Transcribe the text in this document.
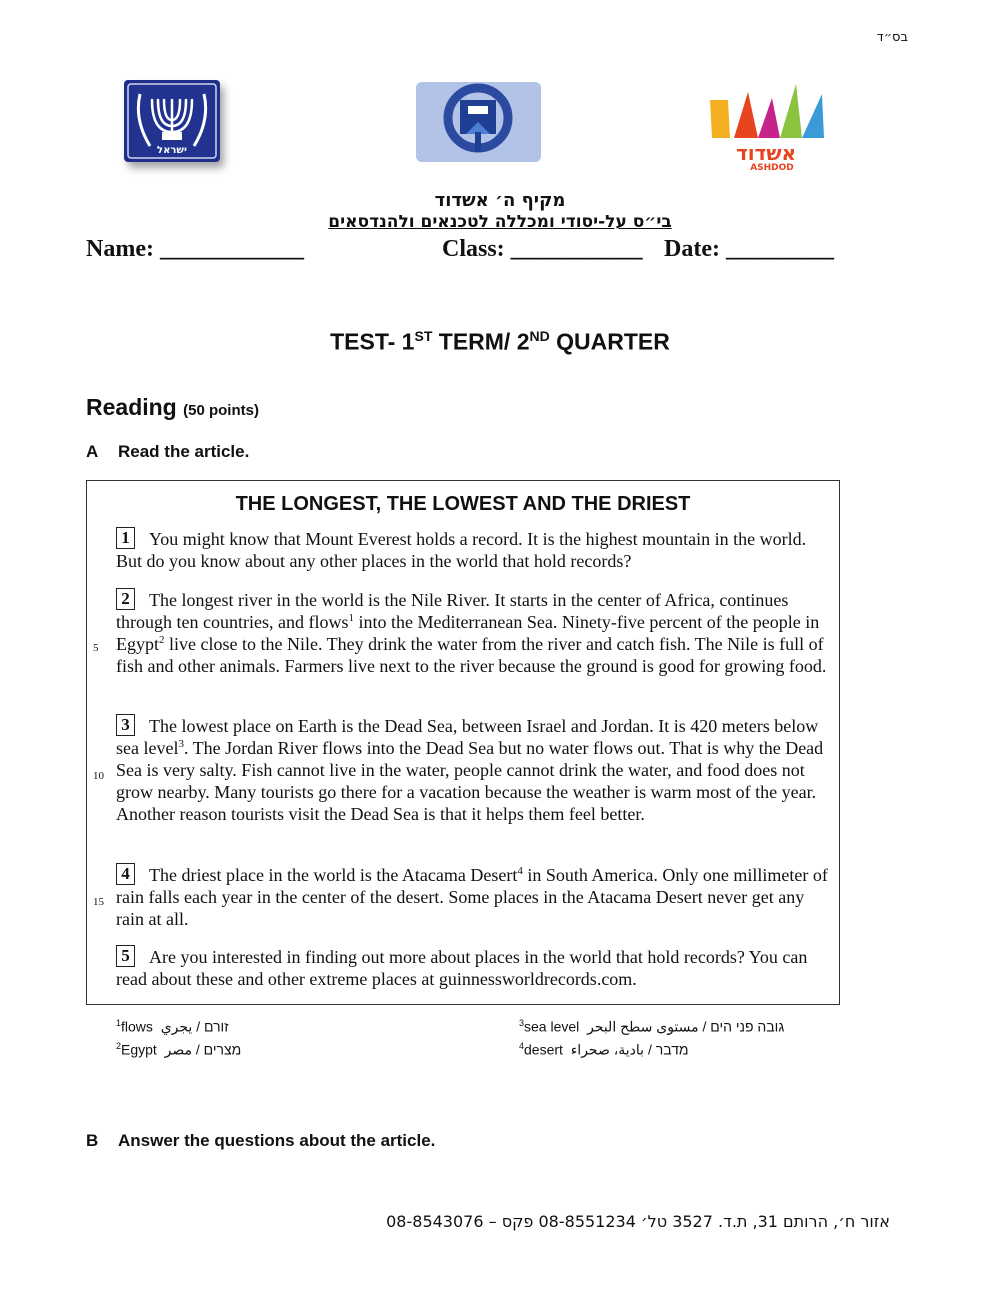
בס״ד
ישראל	אשדוד
ASHDOD
מקיף ה׳ אשדוד
בי״ס על-יסודי ומכללה לטכנאים ולהנדסאים
Name: ____________	Class: ___________ Date: _________
TEST- 1ST TERM/ 2ND QUARTER
Reading (50 points)
A Read the article.
THE LONGEST, THE LOWEST AND THE DRIEST
1 You might know that Mount Everest holds a record. It is the highest mountain in the world. But do you know about any other places in the world that hold records?
2 The longest river in the world is the Nile River. It starts in the center of Africa, continues through ten countries, and flows$^1$ into the Mediterranean Sea. Ninety-five percent of the people in Egypt$^2$ live close to the Nile. They drink the water from the river and catch fish. The Nile is full of fish and other animals. Farmers live next to the river because the ground is good for growing food.
3 The lowest place on Earth is the Dead Sea, between Israel and Jordan. It is 420 meters below sea level$^3$. The Jordan River flows into the Dead Sea but no water flows out. That is why the Dead Sea is very salty. Fish cannot live in the water, people cannot drink the water, and food does not grow nearby. Many tourists go there for a vacation because the weather is warm most of the year. Another reason tourists visit the Dead Sea is that it helps them feel better.
4 The driest place in the world is the Atacama Desert$^4$ in South America. Only one millimeter of rain falls each year in the center of the desert. Some places in the Atacama Desert never get any rain at all.
5 Are you interested in finding out more about places in the world that hold records? You can read about these and other extreme places at guinnessworldrecords.com.
5
10
15
$^1$flows זורם / يجري
$^2$Egypt מצרים / مصر
$^3$sea level גובה פני הים / مستوى سطح البحر
$^4$desert מדבר / بادية، صحراء
B Answer the questions about the article.
אזור ח׳, הרותם 31, ת.ד. 3527 טל׳ 08-8551234 פקס – 08-8543076
